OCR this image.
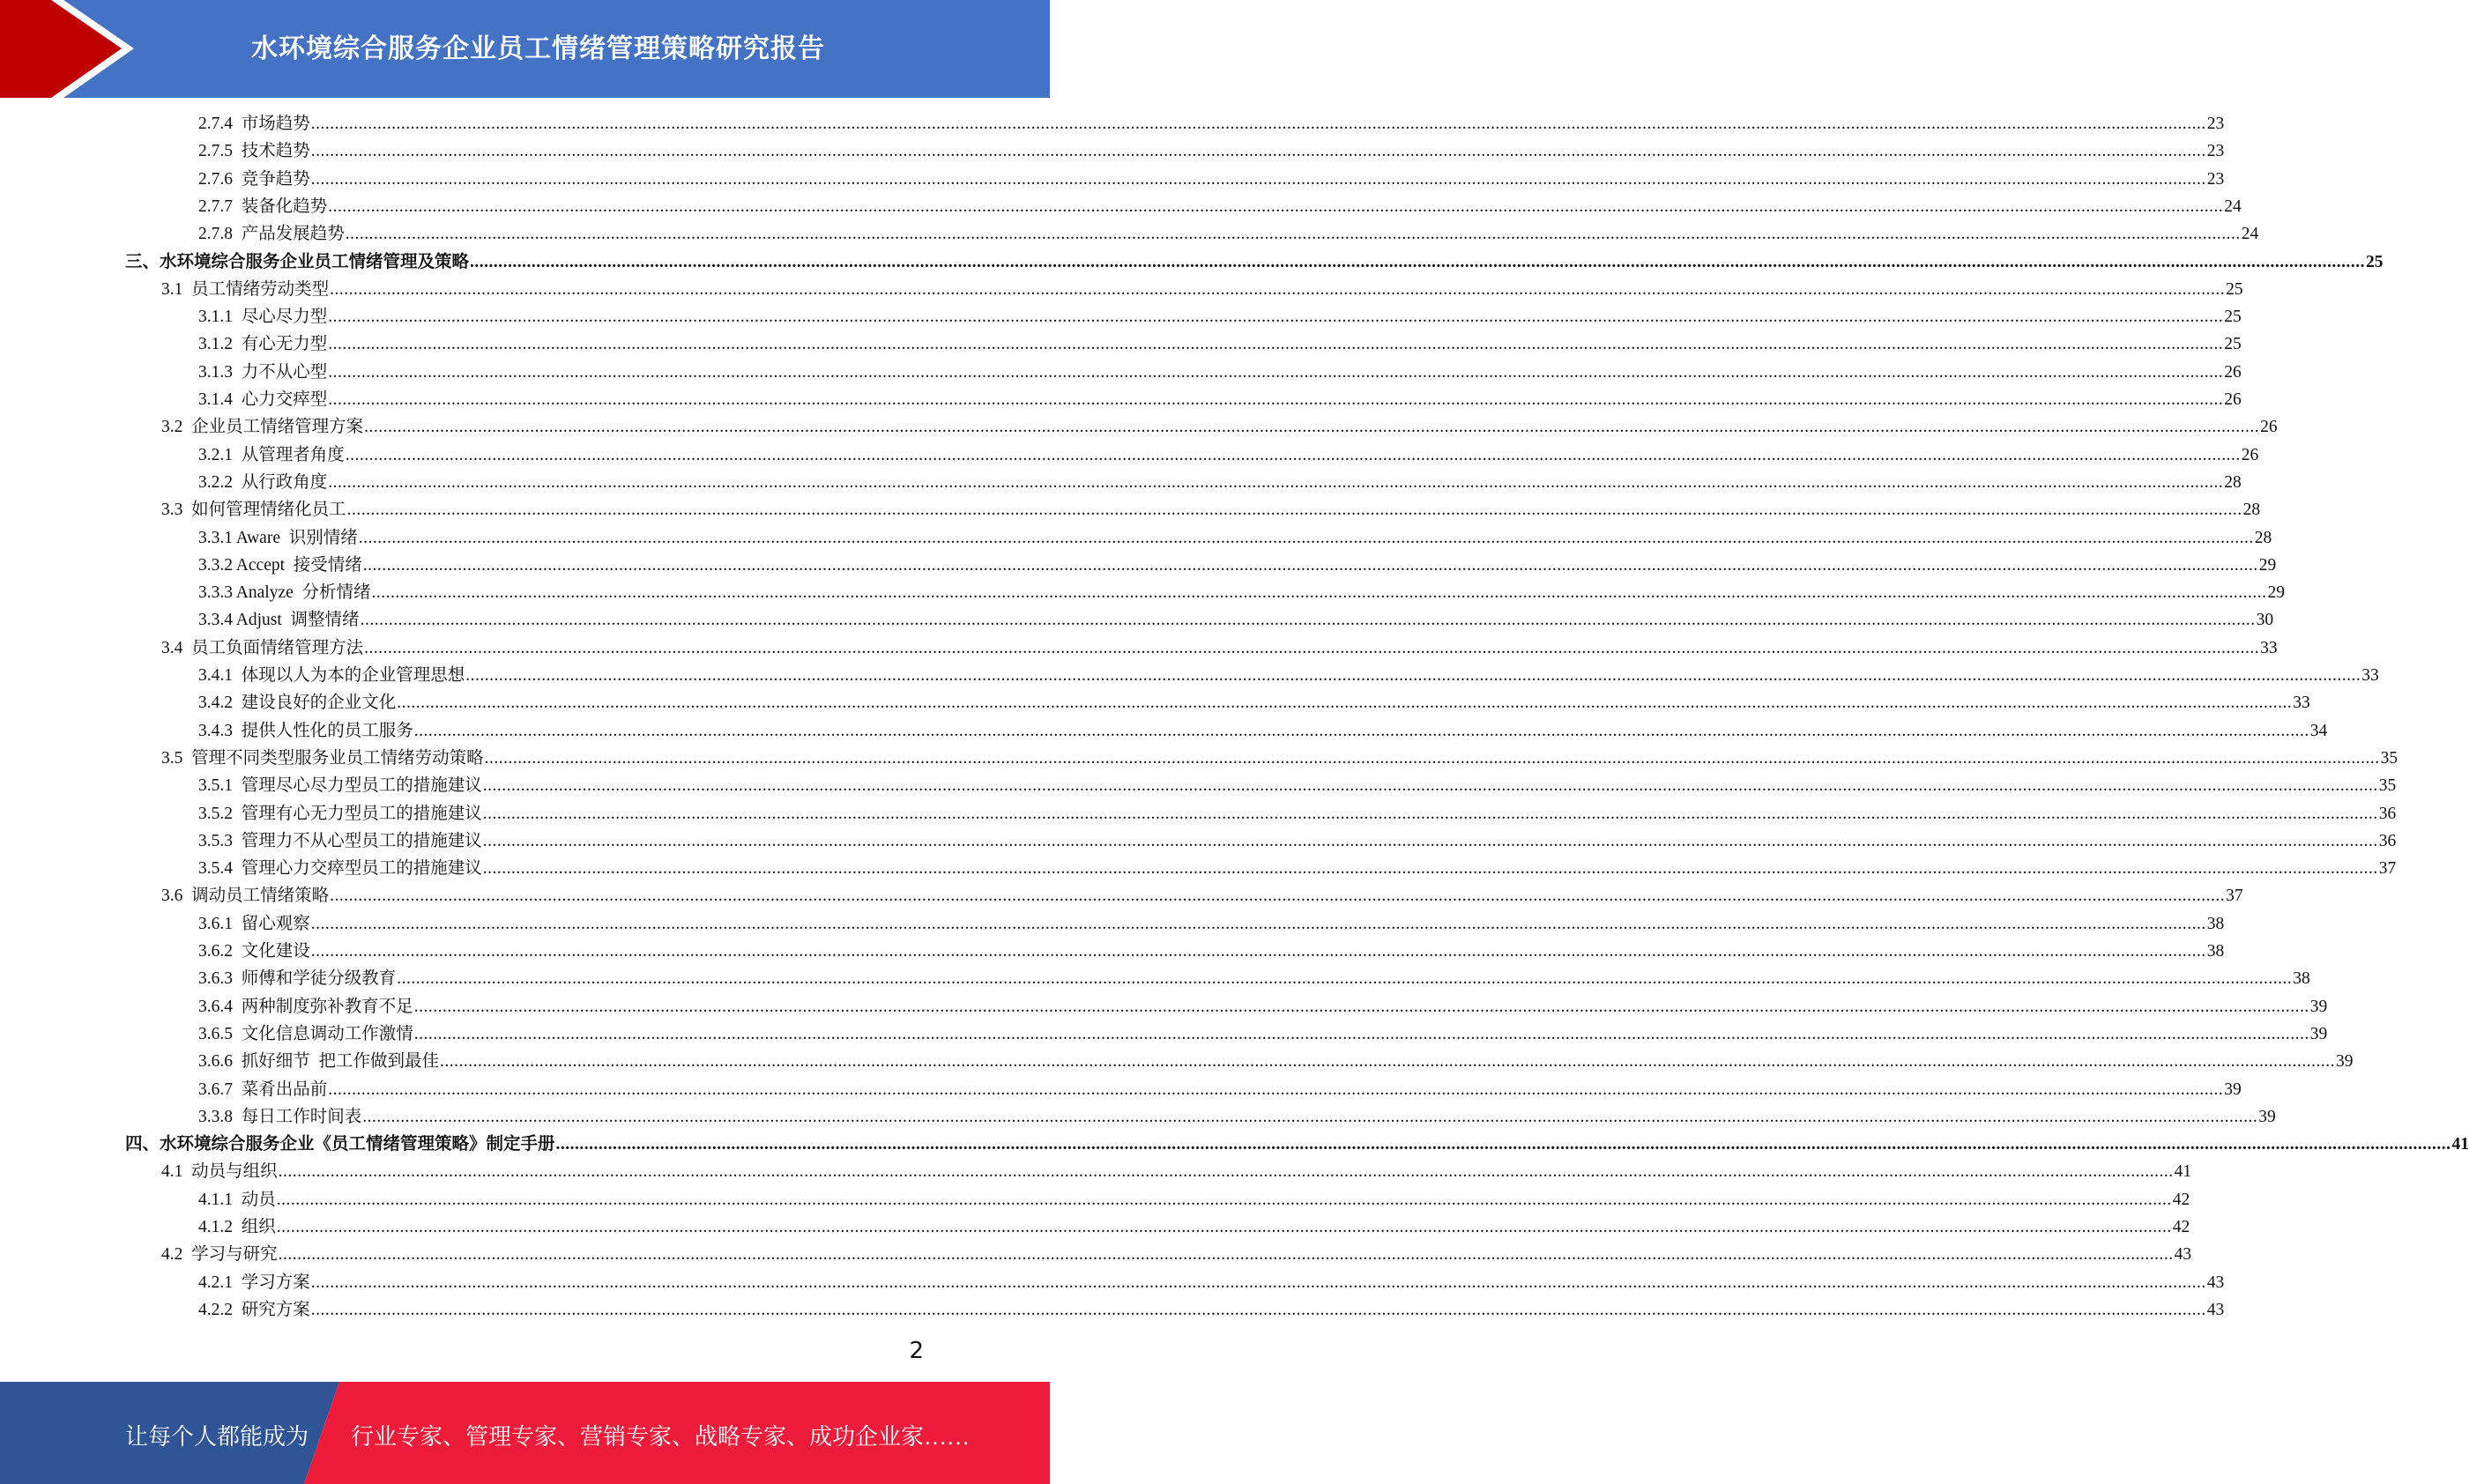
水环境综合服务企业员工情绪管理策略研究报告
2.7.4  市场趋势 ................................................................................................................................................................................................................................................................................................................................................................................................................ 23
2.7.5  技术趋势 ................................................................................................................................................................................................................................................................................................................................................................................................................ 23
2.7.6  竞争趋势 ................................................................................................................................................................................................................................................................................................................................................................................................................ 23
2.7.7  装备化趋势 ................................................................................................................................................................................................................................................................................................................................................................................................................ 24
2.7.8  产品发展趋势 ................................................................................................................................................................................................................................................................................................................................................................................................................ 24
三、水环境综合服务企业员工情绪管理及策略 ................................................................................................................................................................................................................................................................................................................................................................................................................ 25
3.1  员工情绪劳动类型 ................................................................................................................................................................................................................................................................................................................................................................................................................ 25
3.1.1  尽心尽力型 ................................................................................................................................................................................................................................................................................................................................................................................................................ 25
3.1.2  有心无力型 ................................................................................................................................................................................................................................................................................................................................................................................................................ 25
3.1.3  力不从心型 ................................................................................................................................................................................................................................................................................................................................................................................................................ 26
3.1.4  心力交瘁型 ................................................................................................................................................................................................................................................................................................................................................................................................................ 26
3.2  企业员工情绪管理方案 ................................................................................................................................................................................................................................................................................................................................................................................................................ 26
3.2.1  从管理者角度 ................................................................................................................................................................................................................................................................................................................................................................................................................ 26
3.2.2  从行政角度 ................................................................................................................................................................................................................................................................................................................................................................................................................ 28
3.3  如何管理情绪化员工 ................................................................................................................................................................................................................................................................................................................................................................................................................ 28
3.3.1 Aware  识别情绪 ................................................................................................................................................................................................................................................................................................................................................................................................................ 28
3.3.2 Accept  接受情绪 ................................................................................................................................................................................................................................................................................................................................................................................................................ 29
3.3.3 Analyze  分析情绪 ................................................................................................................................................................................................................................................................................................................................................................................................................ 29
3.3.4 Adjust  调整情绪 ................................................................................................................................................................................................................................................................................................................................................................................................................ 30
3.4  员工负面情绪管理方法 ................................................................................................................................................................................................................................................................................................................................................................................................................ 33
3.4.1  体现以人为本的企业管理思想 ................................................................................................................................................................................................................................................................................................................................................................................................................ 33
3.4.2  建设良好的企业文化 ................................................................................................................................................................................................................................................................................................................................................................................................................ 33
3.4.3  提供人性化的员工服务 ................................................................................................................................................................................................................................................................................................................................................................................................................ 34
3.5  管理不同类型服务业员工情绪劳动策略 ................................................................................................................................................................................................................................................................................................................................................................................................................ 35
3.5.1  管理尽心尽力型员工的措施建议 ................................................................................................................................................................................................................................................................................................................................................................................................................ 35
3.5.2  管理有心无力型员工的措施建议 ................................................................................................................................................................................................................................................................................................................................................................................................................ 36
3.5.3  管理力不从心型员工的措施建议 ................................................................................................................................................................................................................................................................................................................................................................................................................ 36
3.5.4  管理心力交瘁型员工的措施建议 ................................................................................................................................................................................................................................................................................................................................................................................................................ 37
3.6  调动员工情绪策略 ................................................................................................................................................................................................................................................................................................................................................................................................................ 37
3.6.1  留心观察 ................................................................................................................................................................................................................................................................................................................................................................................................................ 38
3.6.2  文化建设 ................................................................................................................................................................................................................................................................................................................................................................................................................ 38
3.6.3  师傅和学徒分级教育 ................................................................................................................................................................................................................................................................................................................................................................................................................ 38
3.6.4  两种制度弥补教育不足 ................................................................................................................................................................................................................................................................................................................................................................................................................ 39
3.6.5  文化信息调动工作激情 ................................................................................................................................................................................................................................................................................................................................................................................................................ 39
3.6.6  抓好细节  把工作做到最佳 ................................................................................................................................................................................................................................................................................................................................................................................................................ 39
3.6.7  菜肴出品前 ................................................................................................................................................................................................................................................................................................................................................................................................................ 39
3.3.8  每日工作时间表 ................................................................................................................................................................................................................................................................................................................................................................................................................ 39
四、水环境综合服务企业《员工情绪管理策略》制定手册 ................................................................................................................................................................................................................................................................................................................................................................................................................ 41
4.1  动员与组织 ................................................................................................................................................................................................................................................................................................................................................................................................................ 41
4.1.1  动员 ................................................................................................................................................................................................................................................................................................................................................................................................................ 42
4.1.2  组织 ................................................................................................................................................................................................................................................................................................................................................................................................................ 42
4.2  学习与研究 ................................................................................................................................................................................................................................................................................................................................................................................................................ 43
4.2.1  学习方案 ................................................................................................................................................................................................................................................................................................................................................................................................................ 43
4.2.2  研究方案 ................................................................................................................................................................................................................................................................................................................................................................................................................ 43
2
让每个人都能成为 行业专家、管理专家、营销专家、战略专家、成功企业家……
